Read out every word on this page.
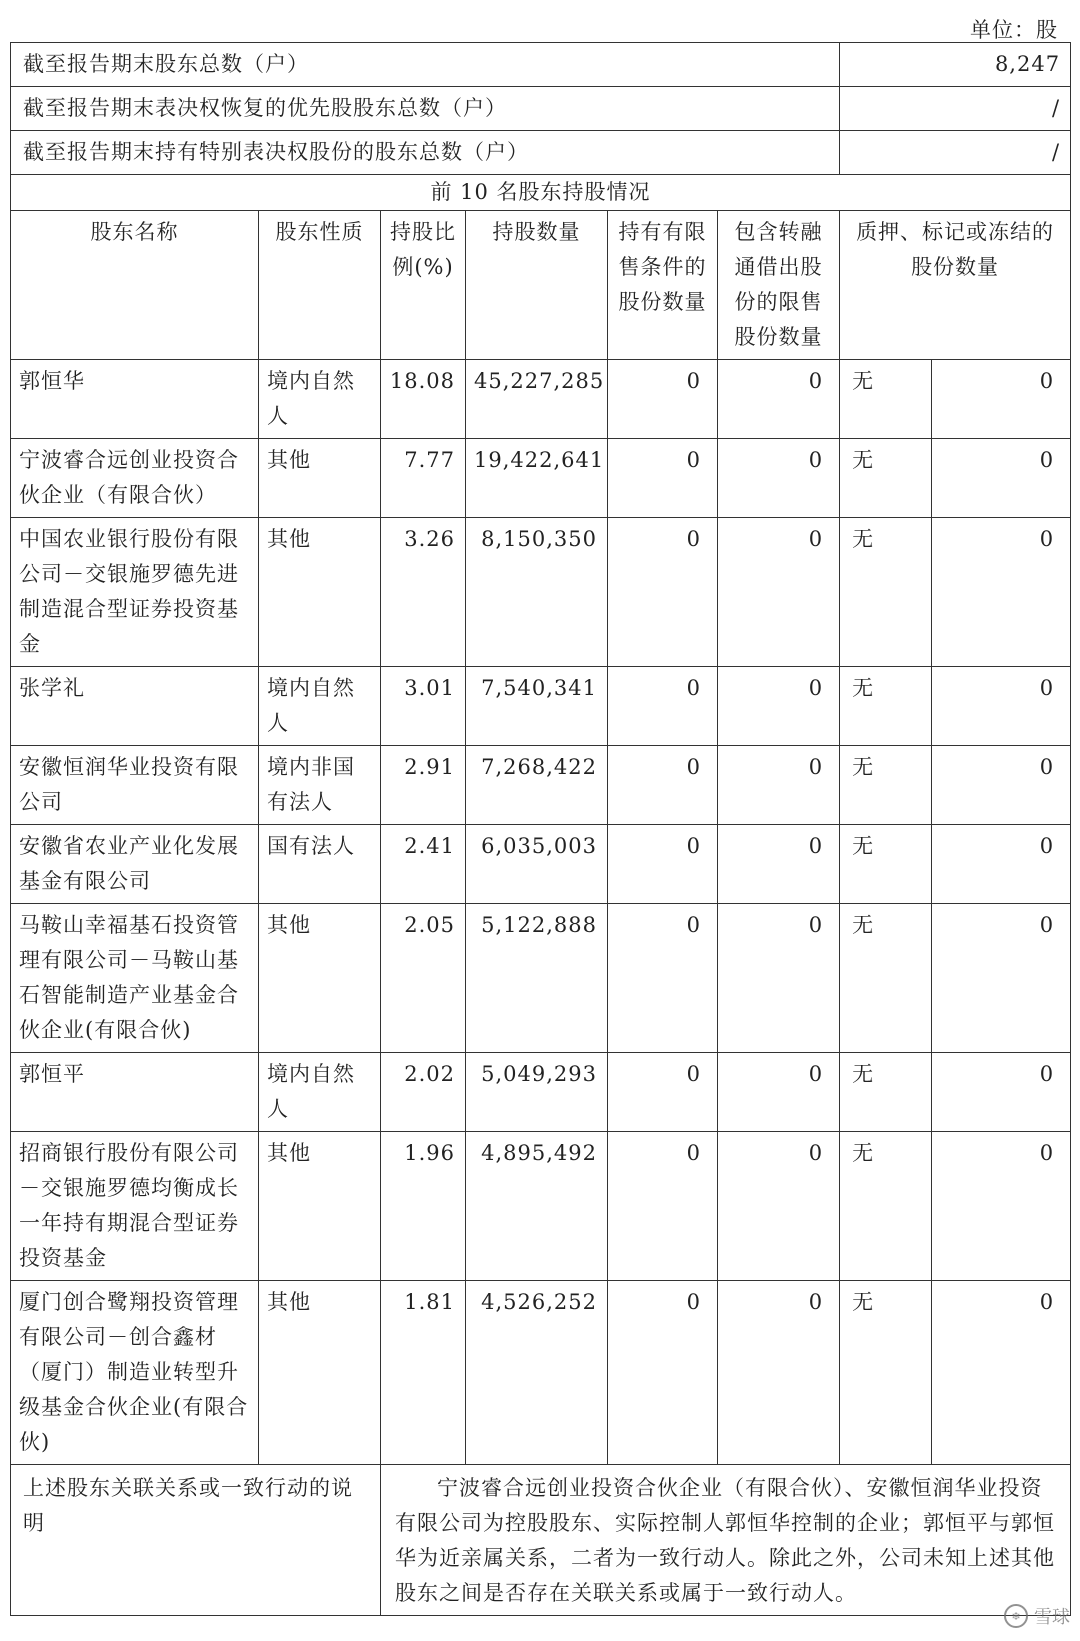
单位：股
截至报告期末股东总数（户）						8,247	
截至报告期末表决权恢复的优先股股东总数（户）						/	
截至报告期末持有特别表决权股份的股东总数（户）						/	
前 10 名股东持股情况							
股东名称	股东性质	持股比例(%)	持股数量	持有有限售条件的股份数量	包含转融通借出股份的限售股份数量	质押、标记或冻结的股份数量	
郭恒华	境内自然人	18.08	45,227,285	0	0	无	0
宁波睿合远创业投资合伙企业（有限合伙）	其他	7.77	19,422,641	0	0	无	0
中国农业银行股份有限公司－交银施罗德先进制造混合型证券投资基金	其他	3.26	8,150,350	0	0	无	0
张学礼	境内自然人	3.01	7,540,341	0	0	无	0
安徽恒润华业投资有限公司	境内非国有法人	2.91	7,268,422	0	0	无	0
安徽省农业产业化发展基金有限公司	国有法人	2.41	6,035,003	0	0	无	0
马鞍山幸福基石投资管理有限公司－马鞍山基石智能制造产业基金合伙企业(有限合伙)	其他	2.05	5,122,888	0	0	无	0
郭恒平	境内自然人	2.02	5,049,293	0	0	无	0
招商银行股份有限公司－交银施罗德均衡成长一年持有期混合型证券投资基金	其他	1.96	4,895,492	0	0	无	0
厦门创合鹭翔投资管理有限公司－创合鑫材（厦门）制造业转型升级基金合伙企业(有限合伙)	其他	1.81	4,526,252	0	0	无	0
上述股东关联关系或一致行动的说明		宁波睿合远创业投资合伙企业（有限合伙）、安徽恒润华业投资有限公司为控股股东、实际控制人郭恒华控制的企业；郭恒平与郭恒华为近亲属关系，二者为一致行动人。除此之外，公司未知上述其他股东之间是否存在关联关系或属于一致行动人。					
❄ 雪球
